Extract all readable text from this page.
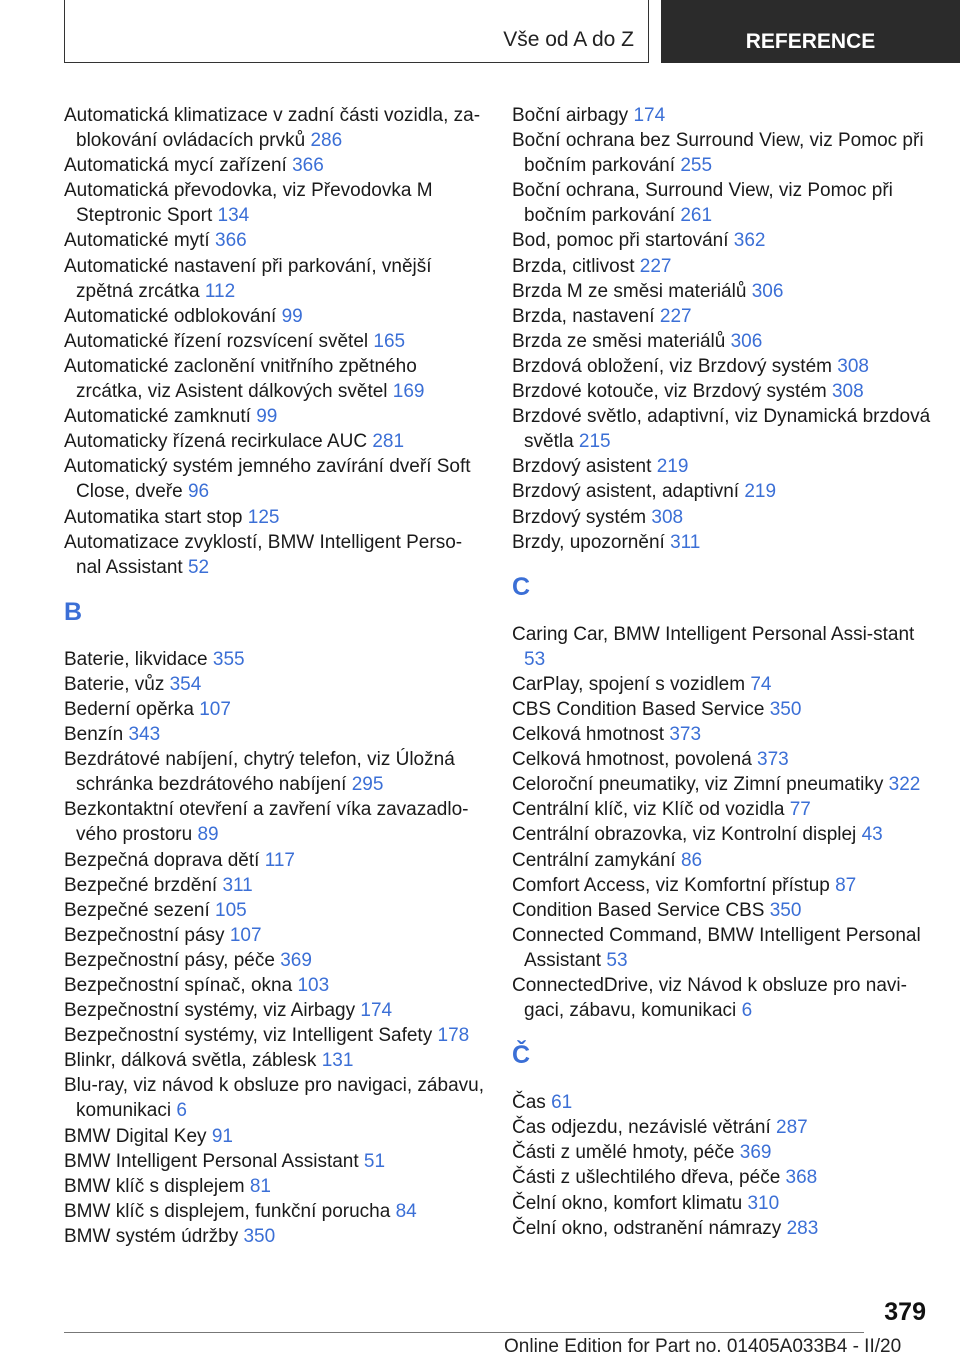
Vše od A do Z	REFERENCE
Automatická klimatizace v zadní části vozidla, za‐blokování ovládacích prvků 286
Automatická mycí zařízení 366
Automatická převodovka, viz Převodovka M Steptronic Sport 134
Automatické mytí 366
Automatické nastavení při parkování, vnější zpětná zrcátka 112
Automatické odblokování 99
Automatické řízení rozsvícení světel 165
Automatické zaclonění vnitřního zpětného zrcátka, viz Asistent dálkových světel 169
Automatické zamknutí 99
Automaticky řízená recirkulace AUC 281
Automatický systém jemného zavírání dveří Soft Close, dveře 96
Automatika start stop 125
Automatizace zvyklostí, BMW Intelligent Perso‐nal Assistant 52
B
Baterie, likvidace 355
Baterie, vůz 354
Bederní opěrka 107
Benzín 343
Bezdrátové nabíjení, chytrý telefon, viz Úložná schránka bezdrátového nabíjení 295
Bezkontaktní otevření a zavření víka zavazadlo‐vého prostoru 89
Bezpečná doprava dětí 117
Bezpečné brzdění 311
Bezpečné sezení 105
Bezpečnostní pásy 107
Bezpečnostní pásy, péče 369
Bezpečnostní spínač, okna 103
Bezpečnostní systémy, viz Airbagy 174
Bezpečnostní systémy, viz Intelligent Safety 178
Blinkr, dálková světla, záblesk 131
Blu-ray, viz návod k obsluze pro navigaci, zábavu, komunikaci 6
BMW Digital Key 91
BMW Intelligent Personal Assistant 51
BMW klíč s displejem 81
BMW klíč s displejem, funkční porucha 84
BMW systém údržby 350
Boční airbagy 174
Boční ochrana bez Surround View, viz Pomoc při bočním parkování 255
Boční ochrana, Surround View, viz Pomoc při bočním parkování 261
Bod, pomoc při startování 362
Brzda, citlivost 227
Brzda M ze směsi materiálů 306
Brzda, nastavení 227
Brzda ze směsi materiálů 306
Brzdová obložení, viz Brzdový systém 308
Brzdové kotouče, viz Brzdový systém 308
Brzdové světlo, adaptivní, viz Dynamická brzdová světla 215
Brzdový asistent 219
Brzdový asistent, adaptivní 219
Brzdový systém 308
Brzdy, upozornění 311
C
Caring Car, BMW Intelligent Personal Assi‐stant 53
CarPlay, spojení s vozidlem 74
CBS Condition Based Service 350
Celková hmotnost 373
Celková hmotnost, povolená 373
Celoroční pneumatiky, viz Zimní pneumatiky 322
Centrální klíč, viz Klíč od vozidla 77
Centrální obrazovka, viz Kontrolní displej 43
Centrální zamykání 86
Comfort Access, viz Komfortní přístup 87
Condition Based Service CBS 350
Connected Command, BMW Intelligent Personal Assistant 53
ConnectedDrive, viz Návod k obsluze pro navi‐gaci, zábavu, komunikaci 6
Č
Čas 61
Čas odjezdu, nezávislé větrání 287
Části z umělé hmoty, péče 369
Části z ušlechtilého dřeva, péče 368
Čelní okno, komfort klimatu 310
Čelní okno, odstranění námrazy 283
379
Online Edition for Part no. 01405A033B4 - II/20
